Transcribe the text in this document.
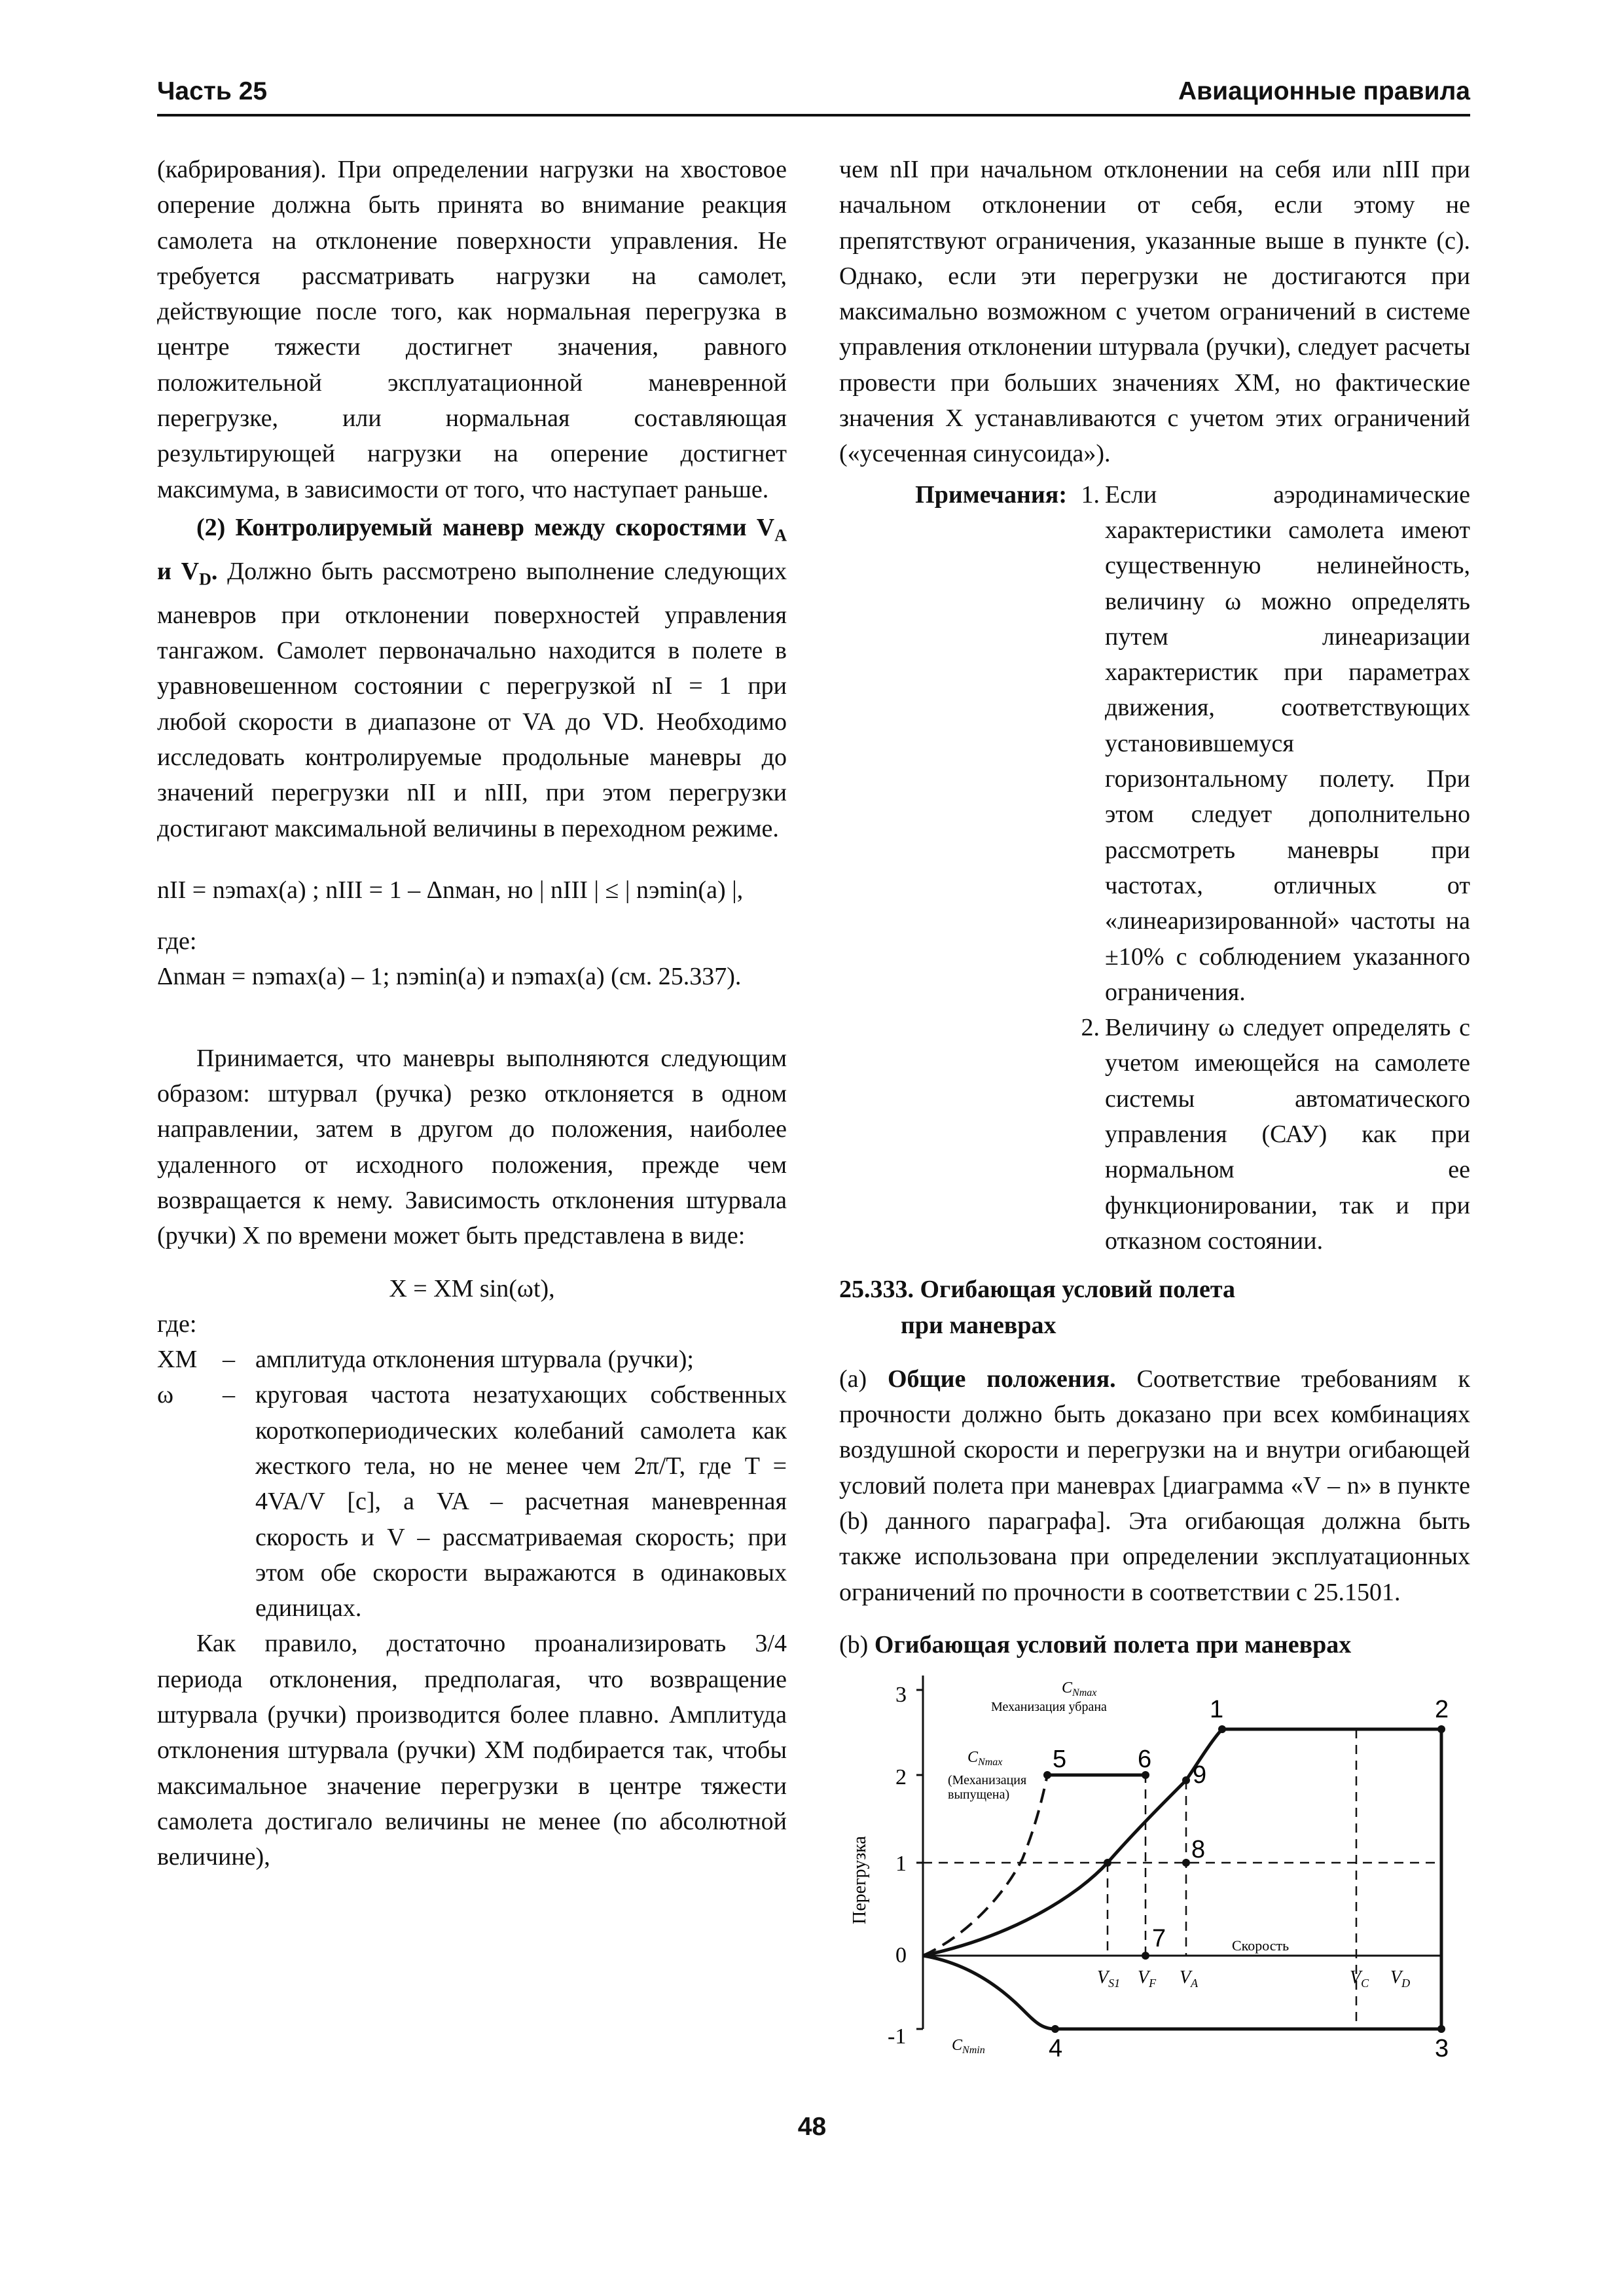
Часть 25	Авиационные правила

(кабрирования). При определении нагрузки на хвостовое оперение должна быть принята во внимание реакция самолета на отклонение поверхности управления. Не требуется рассматривать нагрузки на самолет, действующие после того, как нормальная перегрузка в центре тяжести достигнет значения, равного положительной эксплуатационной маневренной перегрузке, или нормальная составляющая результирующей нагрузки на оперение достигнет максимума, в зависимости от того, что наступает раньше.

(2) Контролируемый маневр между скоростями $V_A$ и $V_D$. Должно быть рассмотрено выполнение следующих маневров при отклонении поверхностей управления тангажом. Самолет первоначально находится в полете в уравновешенном состоянии с перегрузкой nI = 1 при любой скорости в диапазоне от VA до VD. Необходимо исследовать контролируемые продольные маневры до значений перегрузки nII и nIII, при этом перегрузки достигают максимальной величины в переходном режиме.

nII = nэmax(a) ; nIII = 1 – Δnман, но | nIII | ≤ | nэmin(a) |,

где:

Δnман = nэmax(a) – 1; nэmin(a) и nэmax(a) (см. 25.337).

Принимается, что маневры выполняются следующим образом: штурвал (ручка) резко отклоняется в одном направлении, затем в другом до положения, наиболее удаленного от исходного положения, прежде чем возвращается к нему. Зависимость отклонения штурвала (ручки) X по времени может быть представлена в виде:

X = XM sin(ωt),

где:

XM	– амплитуда отклонения штурвала (ручки);
ω	– круговая частота незатухающих собственных короткопериодических колебаний самолета как жесткого тела, но не менее чем 2π/T, где T = 4VA/V [c], а VA – расчетная маневренная скорость и V – рассматриваемая скорость; при этом обе скорости выражаются в одинаковых единицах.

Как правило, достаточно проанализировать 3/4 периода отклонения, предполагая, что возвращение штурвала (ручки) производится более плавно. Амплитуда отклонения штурвала (ручки) XM подбирается так, чтобы максимальное значение перегрузки в центре тяжести самолета достигало величины не менее (по абсолютной величине),

чем nII при начальном отклонении на себя или nIII при начальном отклонении от себя, если этому не препятствуют ограничения, указанные выше в пункте (с). Однако, если эти перегрузки не достигаются при максимально возможном с учетом ограничений в системе управления отклонении штурвала (ручки), следует расчеты провести при больших значениях XM, но фактические значения X устанавливаются с учетом этих ограничений («усеченная синусоида»).

Примечания: 1. Если аэродинамические характеристики самолета имеют существенную нелинейность, величину ω можно определять путем линеаризации характеристик при параметрах движения, соответствующих установившемуся горизонтальному полету. При этом следует дополнительно рассмотреть маневры при частотах, отличных от «линеаризированной» частоты на ±10% с соблюдением указанного ограничения.
2. Величину ω следует определять с учетом имеющейся на самолете системы автоматического управления (САУ) как при нормальном ее функционировании, так и при отказном состоянии.

25.333. Огибающая условий полета

при маневрах

(а) Общие положения. Соответствие требованиям к прочности должно быть доказано при всех комбинациях воздушной скорости и перегрузки на и внутри огибающей условий полета при маневрах [диаграмма «V – n» в пункте (b) данного параграфа]. Эта огибающая должна быть также использована при определении эксплуатационных ограничений по прочности в соответствии с 25.1501.

(b) Огибающая условий полета при маневрах

3
2
1
0
-1
Перегрузка
1	2
3
4
5	6
7
8
9
$V_{S1}$ $V_F$ $V_A$	$V_C$ $V_D$
Скорость
$C_{Nmax}$
Механизация убрана
$C_{Nmax}$
(Механизация
выпущена)
$C_{Nmin}$
48
